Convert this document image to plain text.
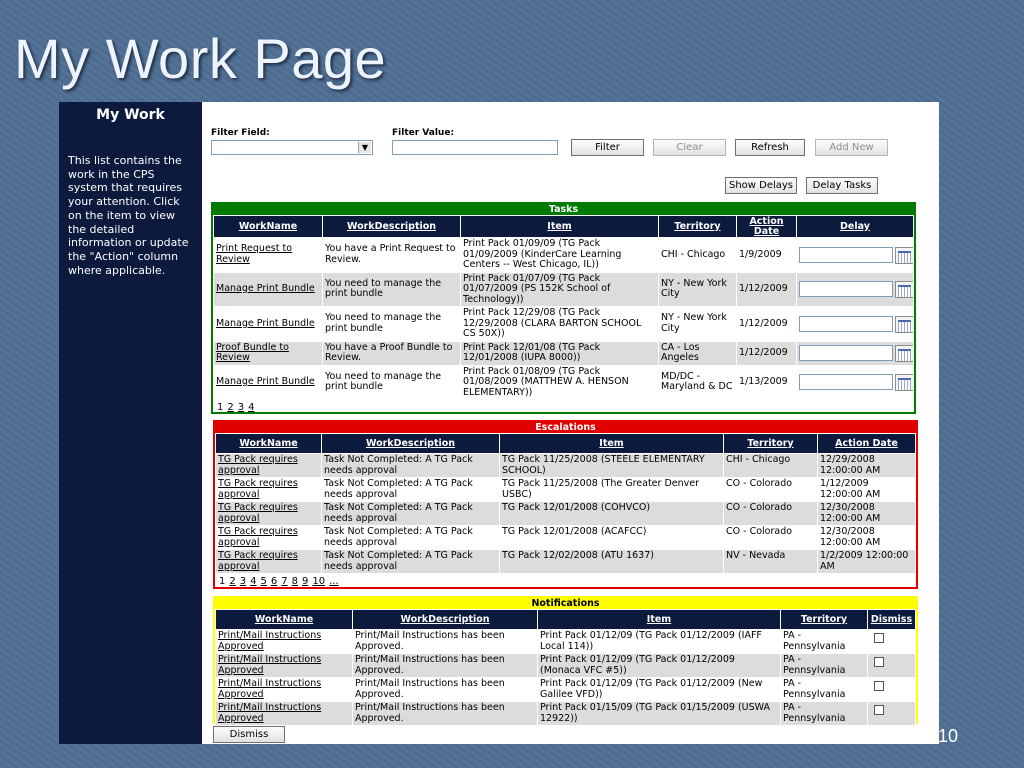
My Work Page
My Work
This list contains the work in the CPS system that requires your attention. Click on the item to view the detailed information or update the "Action" column where applicable.
Filter Field:
▼
Filter Value:
Filter	Clear	Refresh	Add New
Show Delays	Delay Tasks
Tasks
WorkName	WorkDescription	Item	Territory	Action Date	Delay
Print Request to Review	You have a Print Request to Review.	Print Pack 01/09/09 (TG Pack 01/09/2009 (KinderCare Learning Centers -- West Chicago, IL))	CHI - Chicago	1/9/2009	

Manage Print Bundle	You need to manage the print bundle	Print Pack 01/07/09 (TG Pack 01/07/2009 (PS 152K School of Technology))	NY - New York City	1/12/2009	

Manage Print Bundle	You need to manage the print bundle	Print Pack 12/29/08 (TG Pack 12/29/2008 (CLARA BARTON SCHOOL CS 50X))	NY - New York City	1/12/2009	

Proof Bundle to Review	You have a Proof Bundle to Review.	Print Pack 12/01/08 (TG Pack 12/01/2008 (IUPA 8000))	CA - Los Angeles	1/12/2009	

Manage Print Bundle	You need to manage the print bundle	Print Pack 01/08/09 (TG Pack 01/08/2009 (MATTHEW A. HENSON ELEMENTARY))	MD/DC - Maryland & DC	1/13/2009	
1 2 3 4
Escalations
WorkName	WorkDescription	Item	Territory	Action Date
TG Pack requires approval	Task Not Completed: A TG Pack needs approval	TG Pack 11/25/2008 (STEELE ELEMENTARY SCHOOL)	CHI - Chicago	12/29/2008 12:00:00 AM
TG Pack requires approval	Task Not Completed: A TG Pack needs approval	TG Pack 11/25/2008 (The Greater Denver USBC)	CO - Colorado	1/12/2009 12:00:00 AM
TG Pack requires approval	Task Not Completed: A TG Pack needs approval	TG Pack 12/01/2008 (COHVCO)	CO - Colorado	12/30/2008 12:00:00 AM
TG Pack requires approval	Task Not Completed: A TG Pack needs approval	TG Pack 12/01/2008 (ACAFCC)	CO - Colorado	12/30/2008 12:00:00 AM
TG Pack requires approval	Task Not Completed: A TG Pack needs approval	TG Pack 12/02/2008 (ATU 1637)	NV - Nevada	1/2/2009 12:00:00 AM
1 2 3 4 5 6 7 8 9 10 ...
Notifications
WorkName	WorkDescription	Item	Territory	Dismiss
Print/Mail Instructions Approved	Print/Mail Instructions has been Approved.	Print Pack 01/12/09 (TG Pack 01/12/2009 (IAFF Local 114))	PA - Pennsylvania	
Print/Mail Instructions Approved	Print/Mail Instructions has been Approved.	Print Pack 01/12/09 (TG Pack 01/12/2009 (Monaca VFC #5))	PA - Pennsylvania	
Print/Mail Instructions Approved	Print/Mail Instructions has been Approved.	Print Pack 01/12/09 (TG Pack 01/12/2009 (New Galilee VFD))	PA - Pennsylvania	
Print/Mail Instructions Approved	Print/Mail Instructions has been Approved.	Print Pack 01/15/09 (TG Pack 01/15/2009 (USWA 12922))	PA - Pennsylvania	
Dismiss	10
